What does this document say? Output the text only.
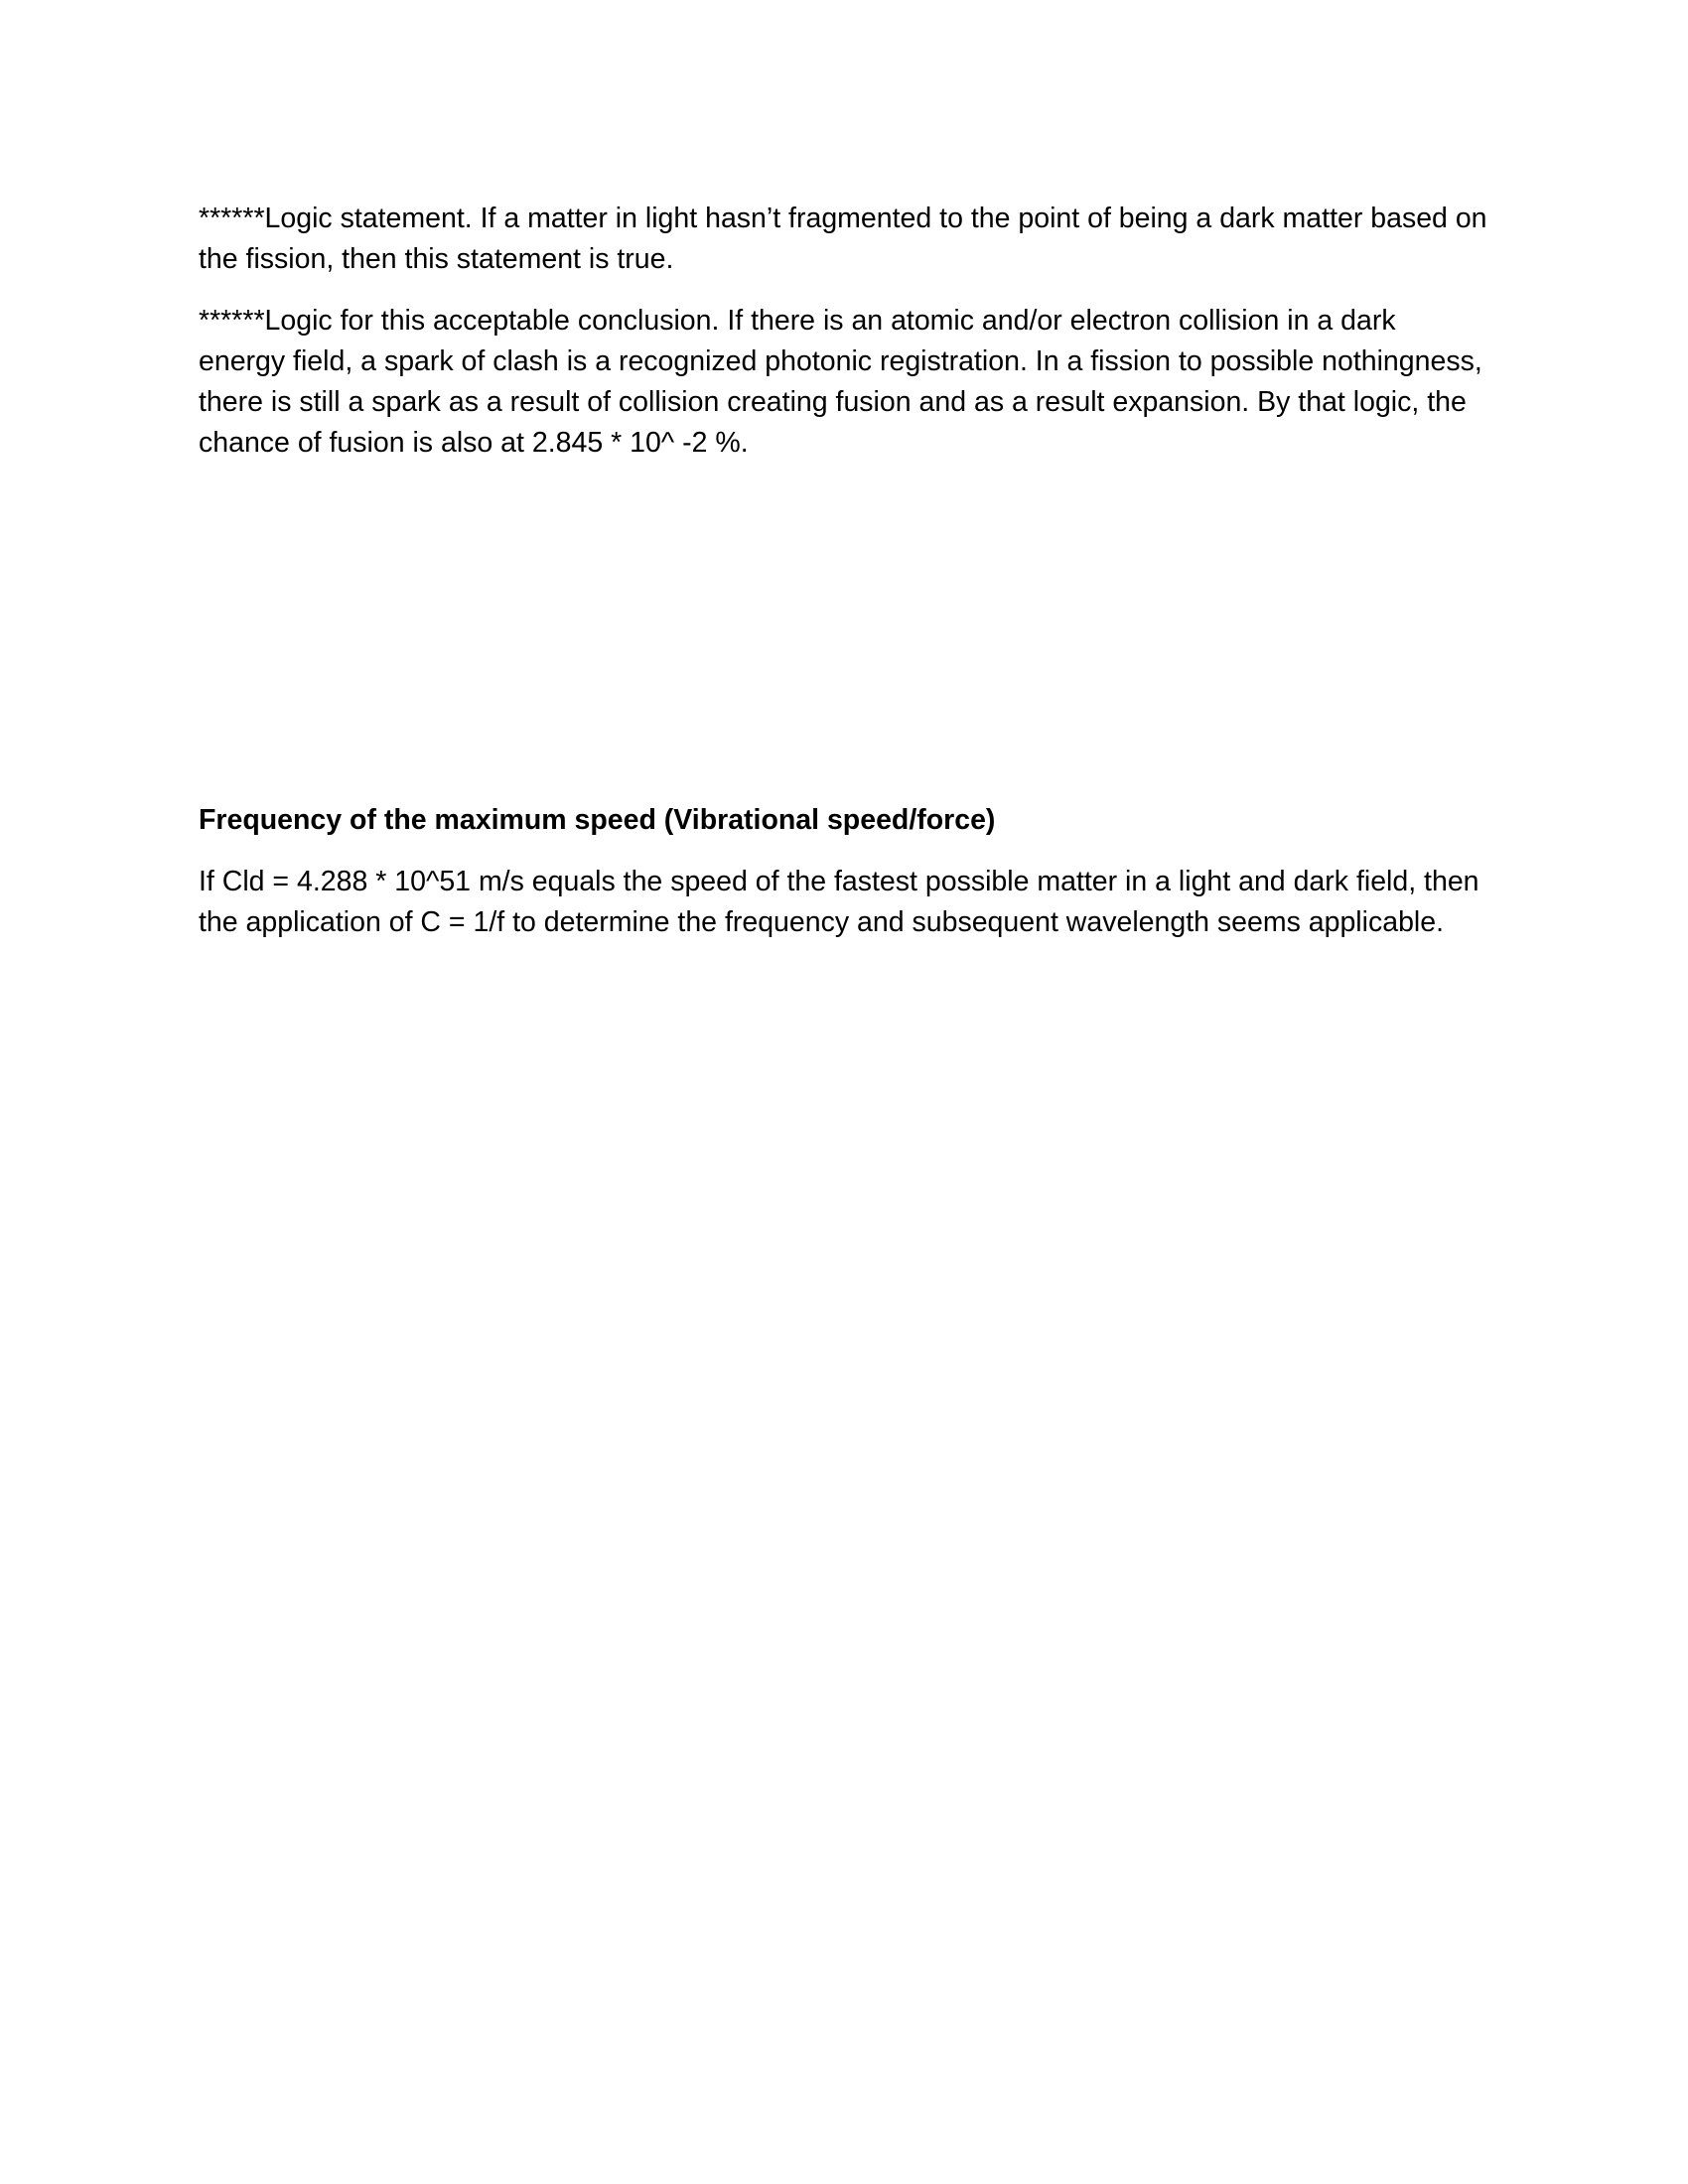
******Logic statement. If a matter in light hasn’t fragmented to the point of being a dark matter based on the fission, then this statement is true.

******Logic for this acceptable conclusion. If there is an atomic and/or electron collision in a dark energy field, a spark of clash is a recognized photonic registration. In a fission to possible nothingness, there is still a spark as a result of collision creating fusion and as a result expansion. By that logic, the chance of fusion is also at 2.845 * 10^ -2 %.

Frequency of the maximum speed (Vibrational speed/force)

If Cld = 4.288 * 10^51 m/s equals the speed of the fastest possible matter in a light and dark field, then the application of C = 1/f to determine the frequency and subsequent wavelength seems applicable.
